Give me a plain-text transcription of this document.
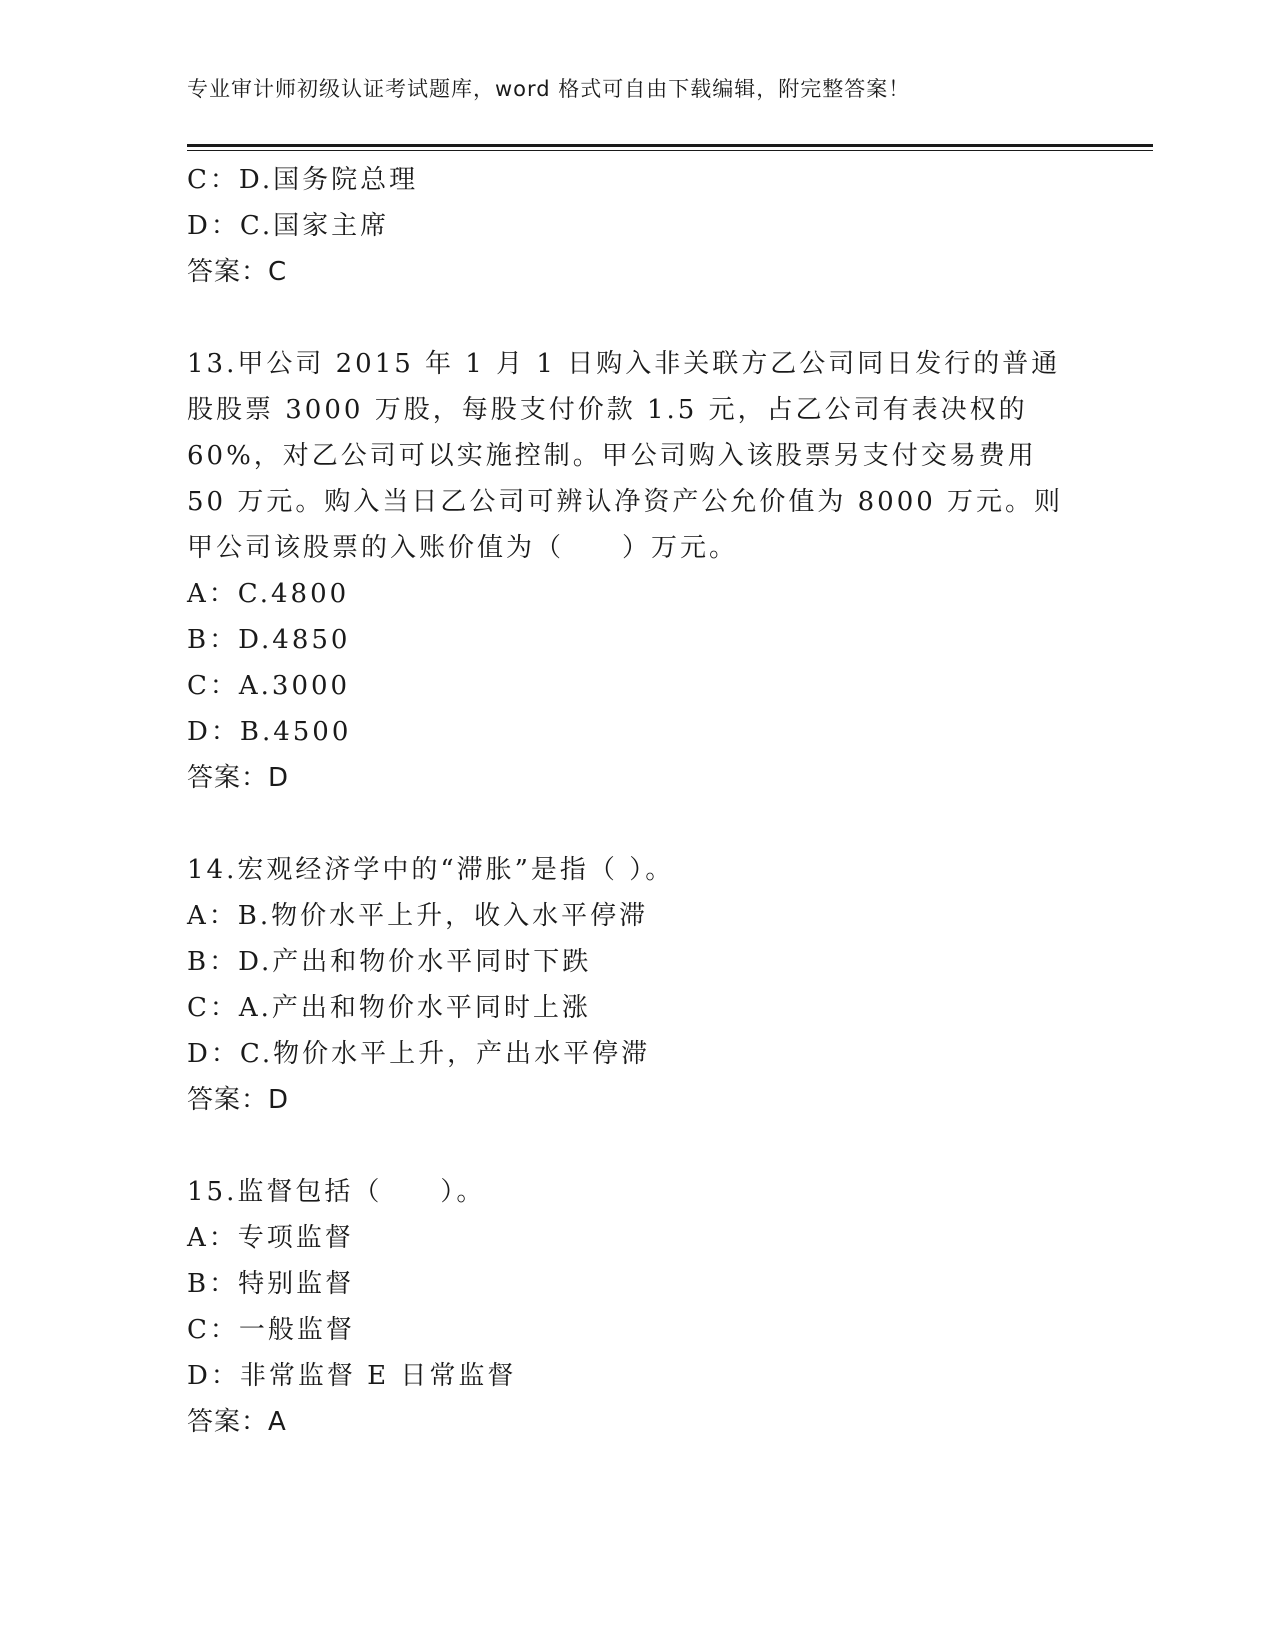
专业审计师初级认证考试题库，word 格式可自由下载编辑，附完整答案！
C：D.国务院总理
D：C.国家主席
答案：C
13.甲公司 2015 年 1 月 1 日购入非关联方乙公司同日发行的普通股股票 3000 万股，每股支付价款 1.5 元，占乙公司有表决权的 60%，对乙公司可以实施控制。甲公司购入该股票另支付交易费用 50 万元。购入当日乙公司可辨认净资产公允价值为 8000 万元。则甲公司该股票的入账价值为（　　）万元。
A：C.4800
B：D.4850
C：A.3000
D：B.4500
答案：D
14.宏观经济学中的“滞胀”是指（ ）。
A：B.物价水平上升，收入水平停滞
B：D.产出和物价水平同时下跌
C：A.产出和物价水平同时上涨
D：C.物价水平上升，产出水平停滞
答案：D
15.监督包括（　　）。
A：专项监督
B：特别监督
C：一般监督
D：非常监督 E 日常监督
答案：A
